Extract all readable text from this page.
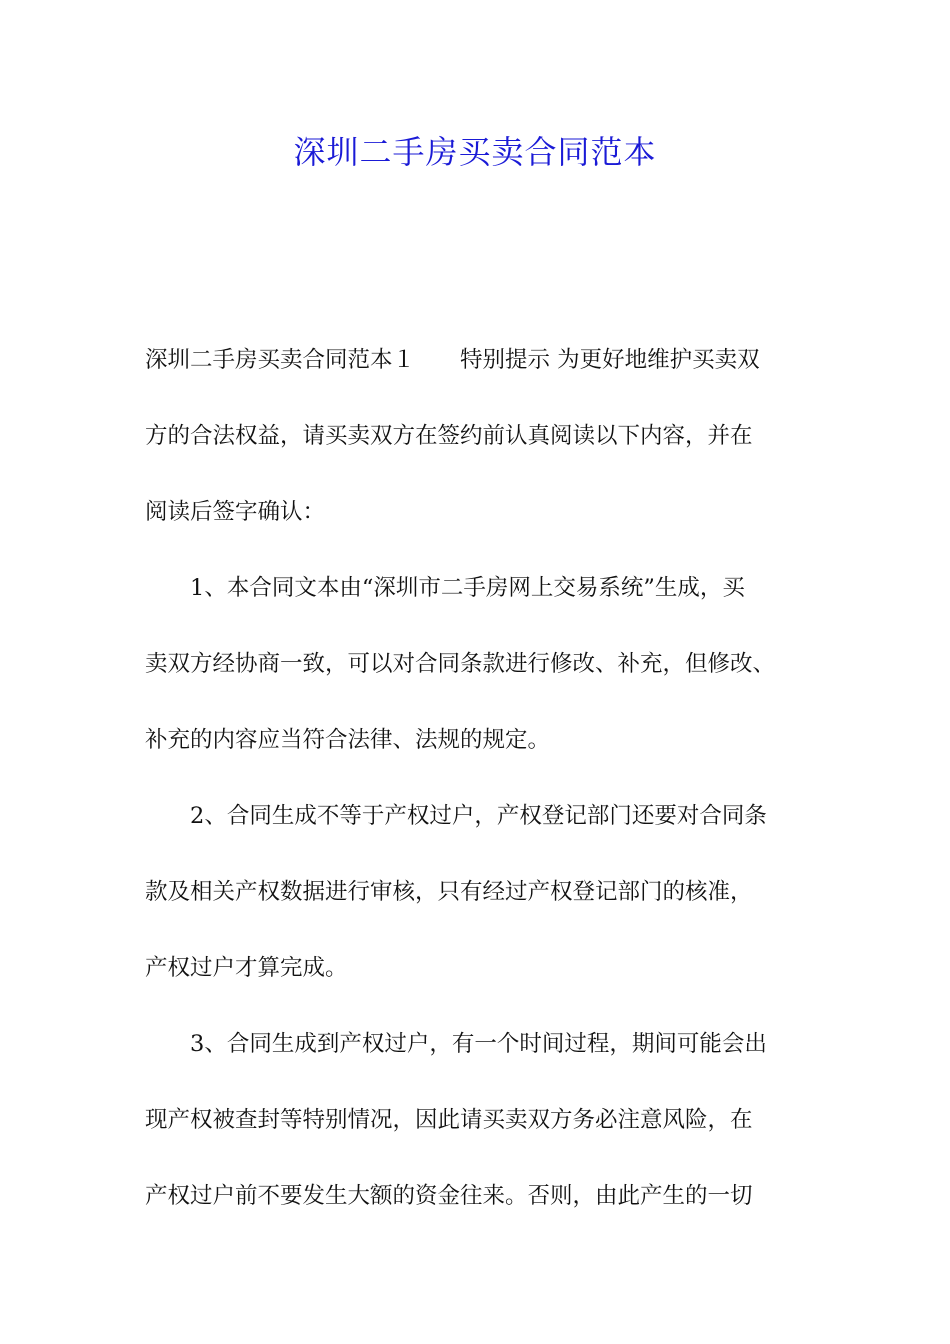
深圳二手房买卖合同范本
深圳二手房买卖合同范本１　　特别提示 为更好地维护买卖双
方的合法权益，请买卖双方在签约前认真阅读以下内容，并在
阅读后签字确认：
　　1、本合同文本由“深圳市二手房网上交易系统”生成，买
卖双方经协商一致，可以对合同条款进行修改、补充，但修改、
补充的内容应当符合法律、法规的规定。
　　2、合同生成不等于产权过户，产权登记部门还要对合同条
款及相关产权数据进行审核，只有经过产权登记部门的核准，
产权过户才算完成。
　　3、合同生成到产权过户，有一个时间过程，期间可能会出
现产权被查封等特别情况，因此请买卖双方务必注意风险，在
产权过户前不要发生大额的资金往来。否则，由此产生的一切
